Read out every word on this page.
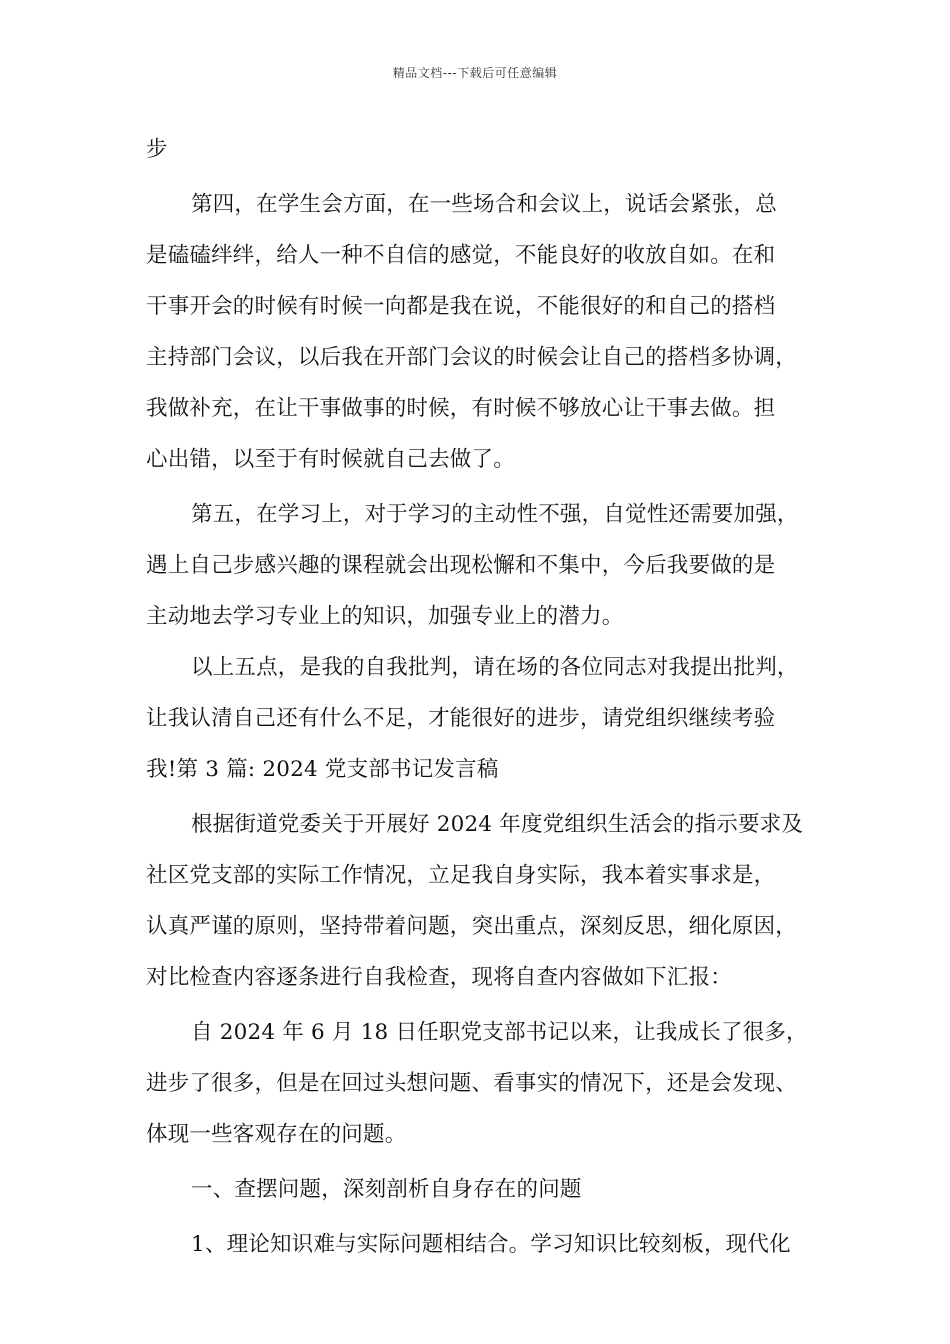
精品文档---下载后可任意编辑
步
第四，在学生会方面，在一些场合和会议上，说话会紧张，总
是磕磕绊绊，给人一种不自信的感觉，不能良好的收放自如。在和
干事开会的时候有时候一向都是我在说，不能很好的和自己的搭档
主持部门会议，以后我在开部门会议的时候会让自己的搭档多协调，
我做补充，在让干事做事的时候，有时候不够放心让干事去做。担
心出错，以至于有时候就自己去做了。
第五，在学习上，对于学习的主动性不强，自觉性还需要加强，
遇上自己步感兴趣的课程就会出现松懈和不集中，今后我要做的是
主动地去学习专业上的知识，加强专业上的潜力。
以上五点，是我的自我批判，请在场的各位同志对我提出批判，
让我认清自己还有什么不足，才能很好的进步，请党组织继续考验
我!第 3 篇: 2024 党支部书记发言稿
根据街道党委关于开展好 2024 年度党组织生活会的指示要求及
社区党支部的实际工作情况，立足我自身实际，我本着实事求是，
认真严谨的原则，坚持带着问题，突出重点，深刻反思，细化原因，
对比检查内容逐条进行自我检查，现将自查内容做如下汇报：
自 2024 年 6 月 18 日任职党支部书记以来，让我成长了很多，
进步了很多，但是在回过头想问题、看事实的情况下，还是会发现、
体现一些客观存在的问题。
一、查摆问题，深刻剖析自身存在的问题
1、理论知识难与实际问题相结合。学习知识比较刻板，现代化
